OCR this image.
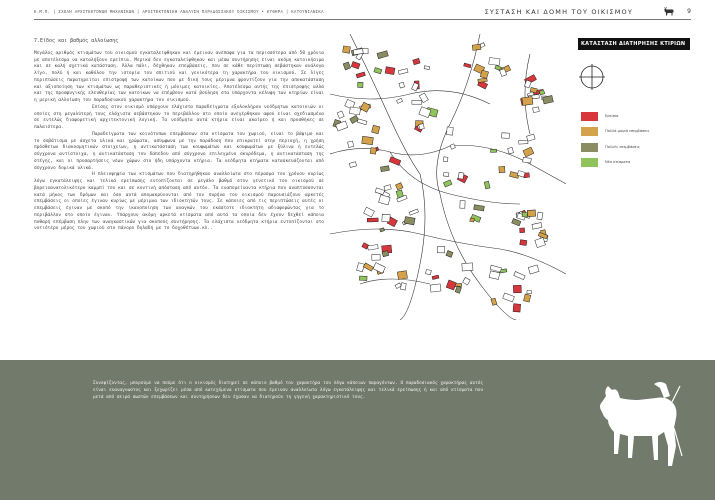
Ε.Μ.Π. | ΣΧΟΛΗ ΑΡΧΙΤΕΚΤΟΝΩΝ ΜΗΧΑΝΙΚΩΝ | ΑΡΧΙΤΕΚΤΟΝΙΚΗ ΑΝΑΛΥΣΗ ΠΑΡΑΔΟΣΙΑΚΟΥ ΟΙΚΙΣΜΟΥ • ΚΥΘΗΡΑ | ΚΑΤΟΥΝΙΑΝΙΚΑ	ΣΥΣΤΑΣΗ ΚΑΙ ΔΟΜΗ ΤΟΥ ΟΙΚΙΣΜΟΥ	9
7.Είδος και βαθμός αλλοίωσης
Μεγάλος αριθμός κτισμάτων του οικισμού εγκαταλείφθηκαν και έμειναν ανέπαφα για τα περισσότερα από 50 χρόνια με αποτέλεσμα να καταλήξουν ερείπια. Μερικά δεν εγκαταλείφθηκαν και μέσω συντήρησης είναι ακόμη κατοικήσιμα και σε καλή σχετικά κατάσταση. Άλλα πάλι, δέχθηκαν επεμβάσεις, που σε κάθε περίπτωση σεβάστηκαν ανάλογα λίγο, πολύ ή και καθόλου την ιστορία του σπιτιού και γενικότερα τη χαρακτήρα του οικισμού. Σε λίγες περιπτώσεις παρατηρείται επιστροφή των κατοίκων που με δική τους μέριμνα φροντίζουν για την αποκατάσταση και αξιοποίηση των κτισμάτων ως παραθεριστικές ή μόνιμες κατοικίες. Αποτέλεσμα αυτής της επιστροφής αλλά και της προσφυγικής ελευθερίας των κατοίκων να επέμβουν κατά βούληση στα υπάρχοντα κέλυφη των κτηρίων είναι η μερική αλλοίωση του παραδοσιακού χαρακτήρα του οικισμού.
Επίσης στον οικισμό υπάρχουν ελάχιστα παραδείγματα εξολοκλήρου νεόδμητων κατοικιών οι οποίες στη μεγαλύτερή τους ελάχιστα σεβάστηκαν το περιβάλλον στο οποίο ανεγέρθηκαν αφού είναι σχεδιασμένα σε εντελώς διαφορετική αρχιτεκτονική λογική. Τα νεόδμητα αυτά κτήρια είναι ακαίρεο ή και προσθήκες σε παλαιότερα.
Παραδείγματα των κοινότυπων επεμβάσεων στα κτίσματα του χωριού, είναι το βάψιμο και το σοβάτισμα με άσχετα υλικά και χρώματα, ασύμφωνα με την παράδοση που επικρατεί στην περιοχή, η χρήση πρόσθετων διακοσμητικών στοιχείων, η αντικατάσταση των κουφωμάτων και κουφωμάτων με ξύλινα ή εντελώς σύγχρονα αντίστοιχα, η αντικατάσταση του δάπεδου από σύγχρονο επιλεγμένο σκυρόδεμα, η αντικατάσταση της στέγης, και οι προσαρτήσεις νέων χώρων στο ήδη υπάρχοντα κτήρια. Τα νεόδμητα κτήματα κατασκευάζονται από σύγχρονο δομικά υλικά.
Η πλειοψηφία των κτισμάτων που διατηρήθηκαν αναλλοίωτα στο πέρασμα του χρόνου κυρίως λόγω εγκατάλειψης και τελικά ερείπωσης εντοπίζονται σε μεγάλο βαθμό στον γενετικό του οικισμού σε βορειοανατολικότερο καμμπί του και σε κοντινή απόσταση από αυτόν. Τα εναπομείναντα κτήρια που αναπτύσσονται κατά μήκος των δρόμων και όσο αυτά απομακρύνονται από τον πυρήνα του οικισμού παρουσιάζουν αρκετές επεμβάσεις οι οποίες έγιναν κυρίως με μέριμνα των ιδιοκτητών τους. Σε κάποιες από τις περιπτώσεις αυτές οι επεμβάσεις έγιναν με σκοπό την ικανοποίηση των αναγκών του εκάστοτε ιδιοκτήτη αδιαφορώντας για το περιβάλλον στο οποίο έγιναν. Υπάρχουν ακόμη αρκετά κτίσματα από αυτά τα οποία δεν έχουν δεχθεί κάποια ποθαρή επέμβαση πλην των αναγκαστικών για σκοπούς συντήρησης. Τα ελάχιστα νεόδμητα κτήρια εντοπίζονται στο νοτιότερο μέρος του χωριού στο πάνορο δηλαδή με το δοχοθέτυων.κλ..
ΚΑΤΑΣΤΑΣΗ ΔΙΑΤΗΡΗΣΗΣ ΚΤΙΡΙΩΝ
Ερείπια
Πολλά μικρά επεμβάσεις
Πολλές επεμβάσεις
Νέα κτίσματα
Συνοψίζοντας, μπορούμε να πούμε ότι ο οικισμός διατηρεί σε κάποιο βαθμό τον χαρακτήρα του λόγω κάποιων παραγόντων. Ο παραδοσιακός χαρακτήρας αυτός είναι ευαναγνωστος και ξεχωρίζει μέσα από κατεχόμενα κτίσματα που έμειναν αναλλοίωτα λόγω εγκατάλειψης και τελικά ερείπωσης ή και από κτίσματα που μετά από σειρά σωστών επεμβάσεων και συντηρήσεων δεν έχασαν να διατηρούν τη γηγενή χαρακτηριστικό τους.
